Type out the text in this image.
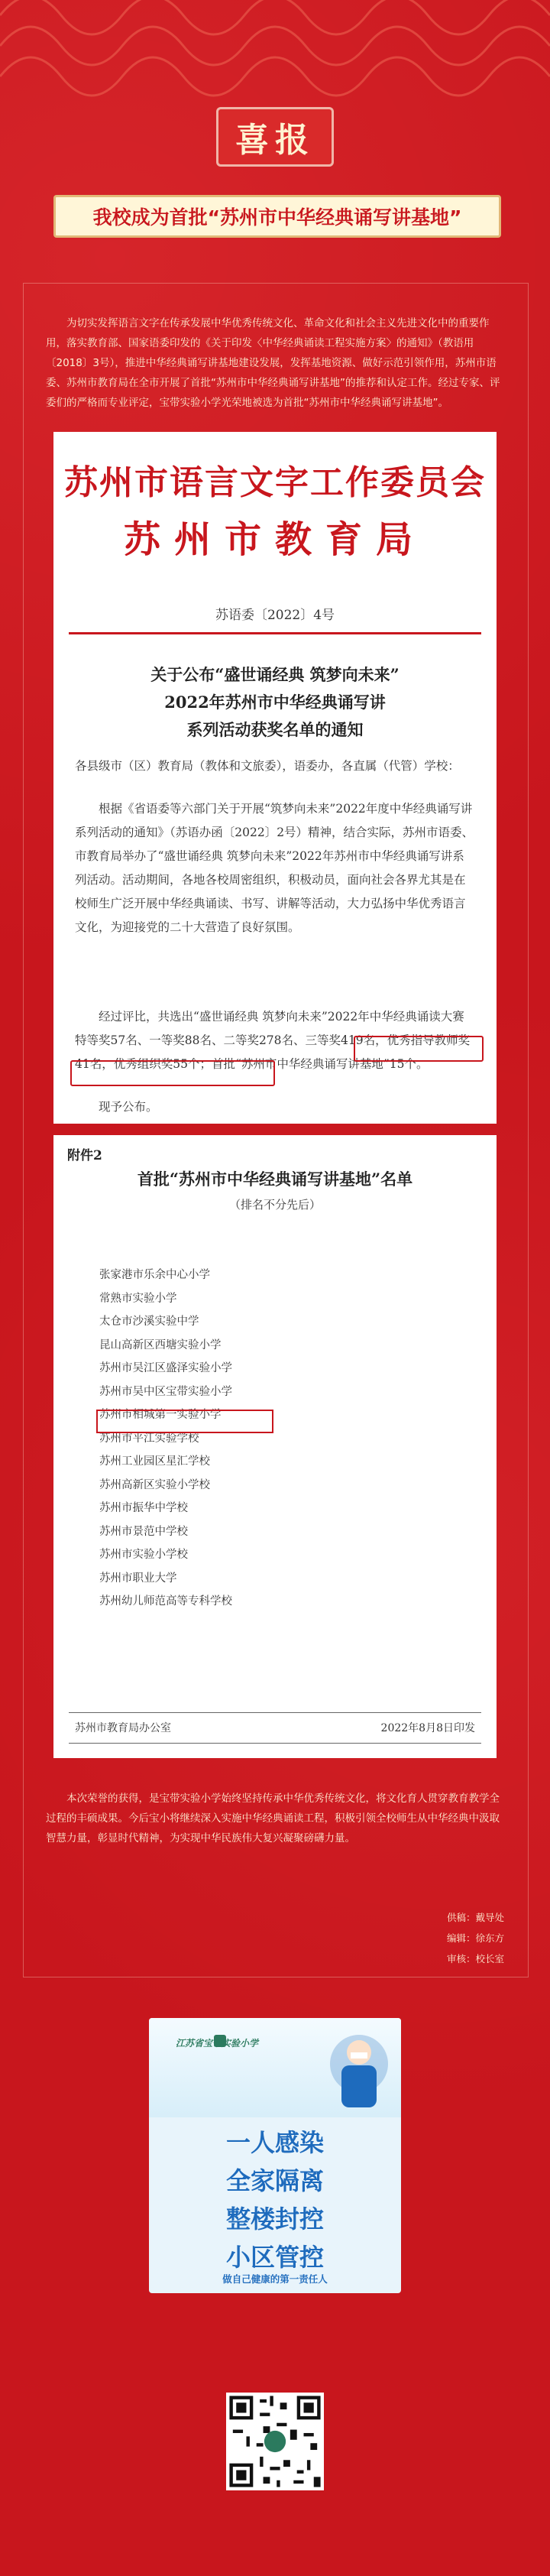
喜报
我校成为首批“苏州市中华经典诵写讲基地”
为切实发挥语言文字在传承发展中华优秀传统文化、革命文化和社会主义先进文化中的重要作用，落实教育部、国家语委印发的《关于印发〈中华经典诵读工程实施方案〉的通知》（教语用〔2018〕3号），推进中华经典诵写讲基地建设发展，发挥基地资源、做好示范引领作用，苏州市语委、苏州市教育局在全市开展了首批“苏州市中华经典诵写讲基地”的推荐和认定工作。经过专家、评委们的严格而专业评定，宝带实验小学光荣地被选为首批“苏州市中华经典诵写讲基地”。
苏州市语言文字工作委员会
苏州市教育局
苏语委〔2022〕4号
关于公布“盛世诵经典 筑梦向未来”
2022年苏州市中华经典诵写讲
系列活动获奖名单的通知
各县级市（区）教育局（教体和文旅委），语委办，各直属（代管）学校：
根据《省语委等六部门关于开展“筑梦向未来”2022年度中华经典诵写讲系列活动的通知》（苏语办函〔2022〕2号）精神，结合实际，苏州市语委、市教育局举办了“盛世诵经典 筑梦向未来”2022年苏州市中华经典诵写讲系列活动。活动期间，各地各校周密组织，积极动员，面向社会各界尤其是在校师生广泛开展中华经典诵读、书写、讲解等活动，大力弘扬中华优秀语言文化，为迎接党的二十大营造了良好氛围。
经过评比，共选出“盛世诵经典 筑梦向未来”2022年中华经典诵读大赛特等奖57名、一等奖88名、二等奖278名、三等奖419名，优秀指导教师奖41名，优秀组织奖55个；首批“苏州市中华经典诵写讲基地”15个。
现予公布。
附件2
首批“苏州市中华经典诵写讲基地”名单
（排名不分先后）
张家港市乐余中心小学
常熟市实验小学
太仓市沙溪实验中学
昆山高新区西塘实验小学
苏州市吴江区盛泽实验小学
苏州市吴中区宝带实验小学
苏州市相城第一实验小学
苏州市平江实验学校
苏州工业园区星汇学校
苏州高新区实验小学校
苏州市振华中学校
苏州市景范中学校
苏州市实验小学校
苏州市职业大学
苏州幼儿师范高等专科学校
苏州市教育局办公室	2022年8月8日印发
本次荣誉的获得，是宝带实验小学始终坚持传承中华优秀传统文化，将文化育人贯穿教育教学全过程的丰硕成果。今后宝小将继续深入实施中华经典诵读工程，积极引领全校师生从中华经典中汲取智慧力量，彰显时代精神，为实现中华民族伟大复兴凝聚磅礴力量。
供稿：戴导处
编辑：徐东方
审核：校长室
江苏省宝带实验小学
一人感染
全家隔离
整楼封控
小区管控
做自己健康的第一责任人
